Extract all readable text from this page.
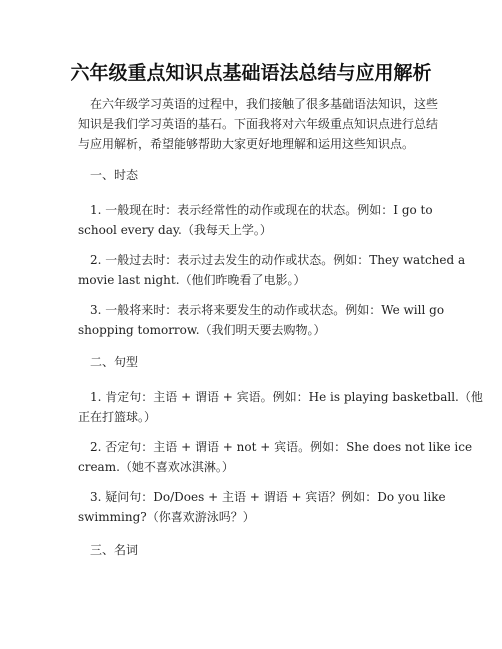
六年级重点知识点基础语法总结与应用解析
在六年级学习英语的过程中，我们接触了很多基础语法知识，这些
知识是我们学习英语的基石。下面我将对六年级重点知识点进行总结
与应用解析，希望能够帮助大家更好地理解和运用这些知识点。
一、时态
1. 一般现在时：表示经常性的动作或现在的状态。例如：I go to
school every day.（我每天上学。）
2. 一般过去时：表示过去发生的动作或状态。例如：They watched a
movie last night.（他们昨晚看了电影。）
3. 一般将来时：表示将来要发生的动作或状态。例如：We will go
shopping tomorrow.（我们明天要去购物。）
二、句型
1. 肯定句：主语 + 谓语 + 宾语。例如：He is playing basketball.（他
正在打篮球。）
2. 否定句：主语 + 谓语 + not + 宾语。例如：She does not like ice
cream.（她不喜欢冰淇淋。）
3. 疑问句：Do/Does + 主语 + 谓语 + 宾语？例如：Do you like
swimming?（你喜欢游泳吗？）
三、名词
